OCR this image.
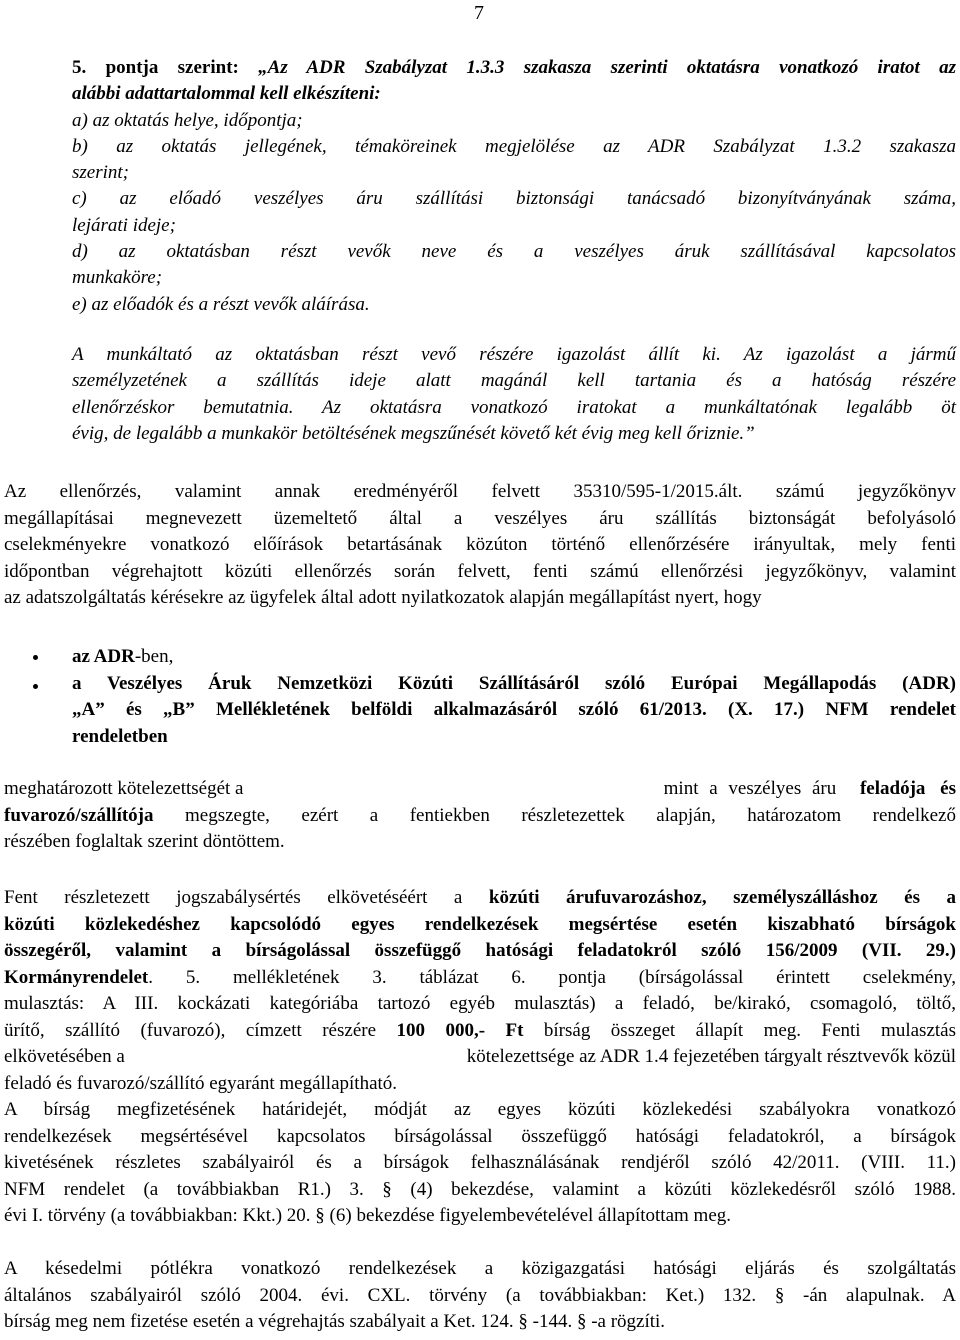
7
5. pontja szerint: „Az ADR Szabályzat 1.3.3 szakasza szerinti oktatásra vonatkozó iratot az
alábbi adattartalommal kell elkészíteni:
a) az oktatás helye, időpontja;
b) az oktatás jellegének, témaköreinek megjelölése az ADR Szabályzat 1.3.2 szakasza
szerint;
c) az előadó veszélyes áru szállítási biztonsági tanácsadó bizonyítványának száma,
lejárati ideje;
d) az oktatásban részt vevők neve és a veszélyes áruk szállításával kapcsolatos
munkaköre;
e) az előadók és a részt vevők aláírása.
A munkáltató az oktatásban részt vevő részére igazolást állít ki. Az igazolást a jármű
személyzetének a szállítás ideje alatt magánál kell tartania és a hatóság részére
ellenőrzéskor bemutatnia. Az oktatásra vonatkozó iratokat a munkáltatónak legalább öt
évig, de legalább a munkakör betöltésének megszűnését követő két évig meg kell őriznie.”
Az ellenőrzés, valamint annak eredményéről felvett 35310/595-1/2015.ált. számú jegyzőkönyv
megállapításai megnevezett üzemeltető által a veszélyes áru szállítás biztonságát befolyásoló
cselekményekre vonatkozó előírások betartásának közúton történő ellenőrzésére irányultak, mely fenti
időpontban végrehajtott közúti ellenőrzés során felvett, fenti számú ellenőrzési jegyzőkönyv, valamint
az adatszolgáltatás kérésekre az ügyfelek által adott nyilatkozatok alapján megállapítást nyert, hogy
az ADR-ben,
a Veszélyes Áruk Nemzetközi Közúti Szállításáról szóló Európai Megállapodás (ADR)
„A” és „B” Mellékletének belföldi alkalmazásáról szóló 61/2013. (X. 17.) NFM rendelet
rendeletben
meghatározott kötelezettségét a	mint a veszélyes áru feladója és
fuvarozó/szállítója megszegte, ezért a fentiekben részletezettek alapján, határozatom rendelkező
részében foglaltak szerint döntöttem.
Fent részletezett jogszabálysértés elkövetéséért a közúti árufuvarozáshoz, személyszálláshoz és a
közúti közlekedéshez kapcsolódó egyes rendelkezések megsértése esetén kiszabható bírságok
összegéről, valamint a bírságolással összefüggő hatósági feladatokról szóló 156/2009 (VII. 29.)
Kormányrendelet. 5. mellékletének 3. táblázat 6. pontja (bírságolással érintett cselekmény,
mulasztás: A III. kockázati kategóriába tartozó egyéb mulasztás) a feladó, be/kirakó, csomagoló, töltő,
ürítő, szállító (fuvarozó), címzett részére 100 000,- Ft bírság összeget állapít meg. Fenti mulasztás
elkövetésében a	kötelezettsége az ADR 1.4 fejezetében tárgyalt résztvevők közül
feladó és fuvarozó/szállító egyaránt megállapítható.
A bírság megfizetésének határidejét, módját az egyes közúti közlekedési szabályokra vonatkozó
rendelkezések megsértésével kapcsolatos bírságolással összefüggő hatósági feladatokról, a bírságok
kivetésének részletes szabályairól és a bírságok felhasználásának rendjéről szóló 42/2011. (VIII. 11.)
NFM rendelet (a továbbiakban R1.) 3. § (4) bekezdése, valamint a közúti közlekedésről szóló 1988.
évi I. törvény (a továbbiakban: Kkt.) 20. § (6) bekezdése figyelembevételével állapítottam meg.
A késedelmi pótlékra vonatkozó rendelkezések a közigazgatási hatósági eljárás és szolgáltatás
általános szabályairól szóló 2004. évi. CXL. törvény (a továbbiakban: Ket.) 132. § -án alapulnak. A
bírság meg nem fizetése esetén a végrehajtás szabályait a Ket. 124. § -144. § -a rögzíti.
